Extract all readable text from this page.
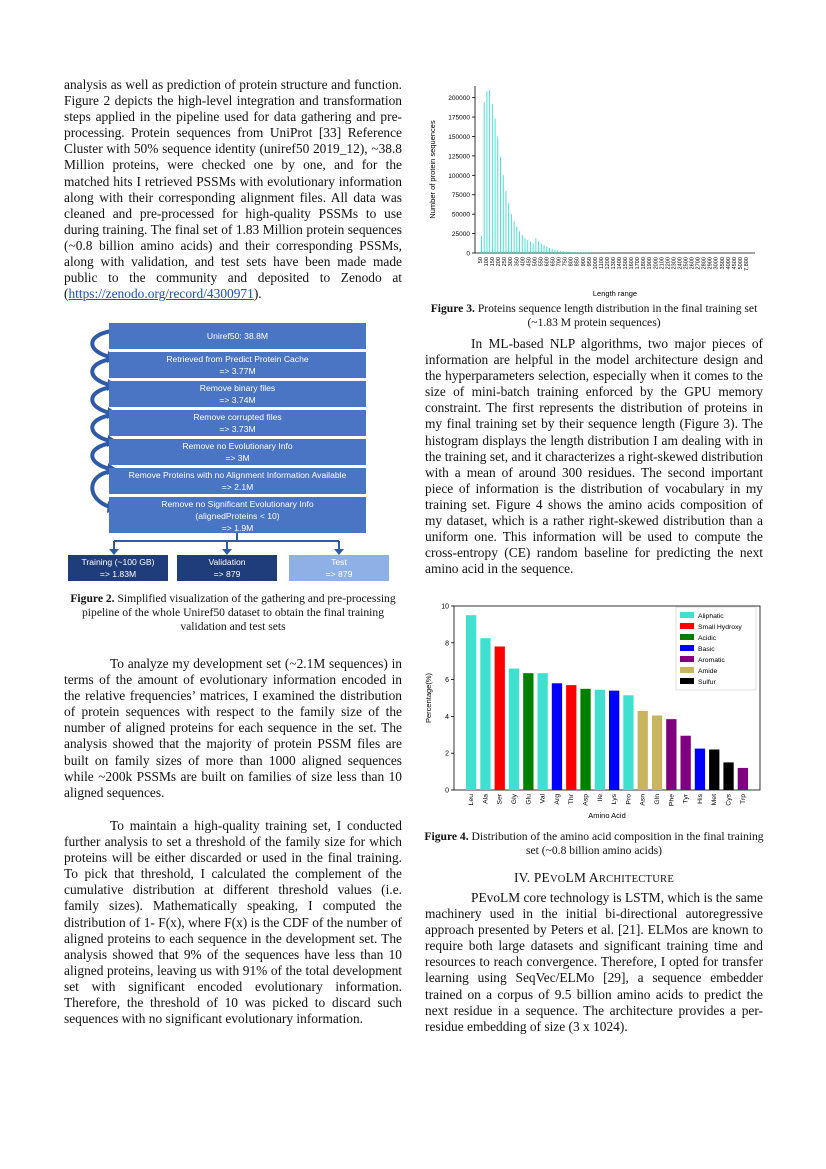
analysis as well as prediction of protein structure and function. Figure 2 depicts the high-level integration and transformation steps applied in the pipeline used for data gathering and pre-processing. Protein sequences from UniProt [33] Reference Cluster with 50% sequence identity (uniref50 2019_12), ~38.8 Million proteins, were checked one by one, and for the matched hits I retrieved PSSMs with evolutionary information along with their corresponding alignment files. All data was cleaned and pre-processed for high-quality PSSMs to use during training. The final set of 1.83 Million protein sequences (~0.8 billion amino acids) and their corresponding PSSMs, along with validation, and test sets have been made made public to the community and deposited to Zenodo at (https://zenodo.org/record/4300971).
Uniref50: 38.8M
Retrieved from Predict Protein Cache
=> 3.77M
Remove binary files
=> 3.74M
Remove corrupted files
=> 3.73M
Remove no Evolutionary Info
=> 3M
Remove Proteins with no Alignment Information Available
=> 2.1M
Remove no Significant Evolutionary Info
(alignedProteins < 10)
=> 1.9M
Training (~100 GB)
=> 1.83M
Validation
=> 879
Test
=> 879
Figure 2. Simplified visualization of the gathering and pre-processing pipeline of the whole Uniref50 dataset to obtain the final training validation and test sets
To analyze my development set (~2.1M sequences) in terms of the amount of evolutionary information encoded in the relative frequencies’ matrices, I examined the distribution of protein sequences with respect to the family size of the number of aligned proteins for each sequence in the set. The analysis showed that the majority of protein PSSM files are built on family sizes of more than 1000 aligned sequences while ~200k PSSMs are built on families of size less than 10 aligned sequences.
To maintain a high-quality training set, I conducted further analysis to set a threshold of the family size for which proteins will be either discarded or used in the final training. To pick that threshold, I calculated the complement of the cumulative distribution at different threshold values (i.e. family sizes). Mathematically speaking, I computed the distribution of 1- F(x), where F(x) is the CDF of the number of aligned proteins to each sequence in the development set. The analysis showed that 9% of the sequences have less than 10 aligned proteins, leaving us with 91% of the total development set with significant encoded evolutionary information. Therefore, the threshold of 10 was picked to discard such sequences with no significant evolutionary information.
0
25000
50000
75000
100000
125000
150000
175000
200000
50 100 150 200 250 300 350 400 450 500 550 600 650 700 750 800 850 900 950 1000 1100 1200 1300 1400 1500 1600 1700 1800 1900 2000 2100 2200 2300 2400 2500 2600 2700 2800 2900 3000 3500 4000 4500 5000 7,800
Length range
Number of protein sequences
Figure 3. Proteins sequence length distribution in the final training set (~1.83 M protein sequences)
In ML-based NLP algorithms, two major pieces of information are helpful in the model architecture design and the hyperparameters selection, especially when it comes to the size of mini-batch training enforced by the GPU memory constraint. The first represents the distribution of proteins in my final training set by their sequence length (Figure 3). The histogram displays the length distribution I am dealing with in the training set, and it characterizes a right-skewed distribution with a mean of around 300 residues. The second important piece of information is the distribution of vocabulary in my training set. Figure 4 shows the amino acids composition of my dataset, which is a rather right-skewed distribution than a uniform one. This information will be used to compute the cross-entropy (CE) random baseline for predicting the next amino acid in the sequence.
0
2
4
6
8
10
Leu Ala Ser Gly Glu Val Arg Thr Asp Ile Lys Pro Asn Gln Phe Tyr His Met Cys Trp
Amino Acid
Percentage(%)
Aliphatic
Small Hydroxy
Acidic
Basic
Aromatic
Amide
Sulfur
Figure 4. Distribution of the amino acid composition in the final training set (~0.8 billion amino acids)
IV. PEVOLM ARCHITECTURE
PEvoLM core technology is LSTM, which is the same machinery used in the initial bi-directional autoregressive approach presented by Peters et al. [21]. ELMos are known to require both large datasets and significant training time and resources to reach convergence. Therefore, I opted for transfer learning using SeqVec/ELMo [29], a sequence embedder trained on a corpus of 9.5 billion amino acids to predict the next residue in a sequence. The architecture provides a per-residue embedding of size (3 x 1024).
